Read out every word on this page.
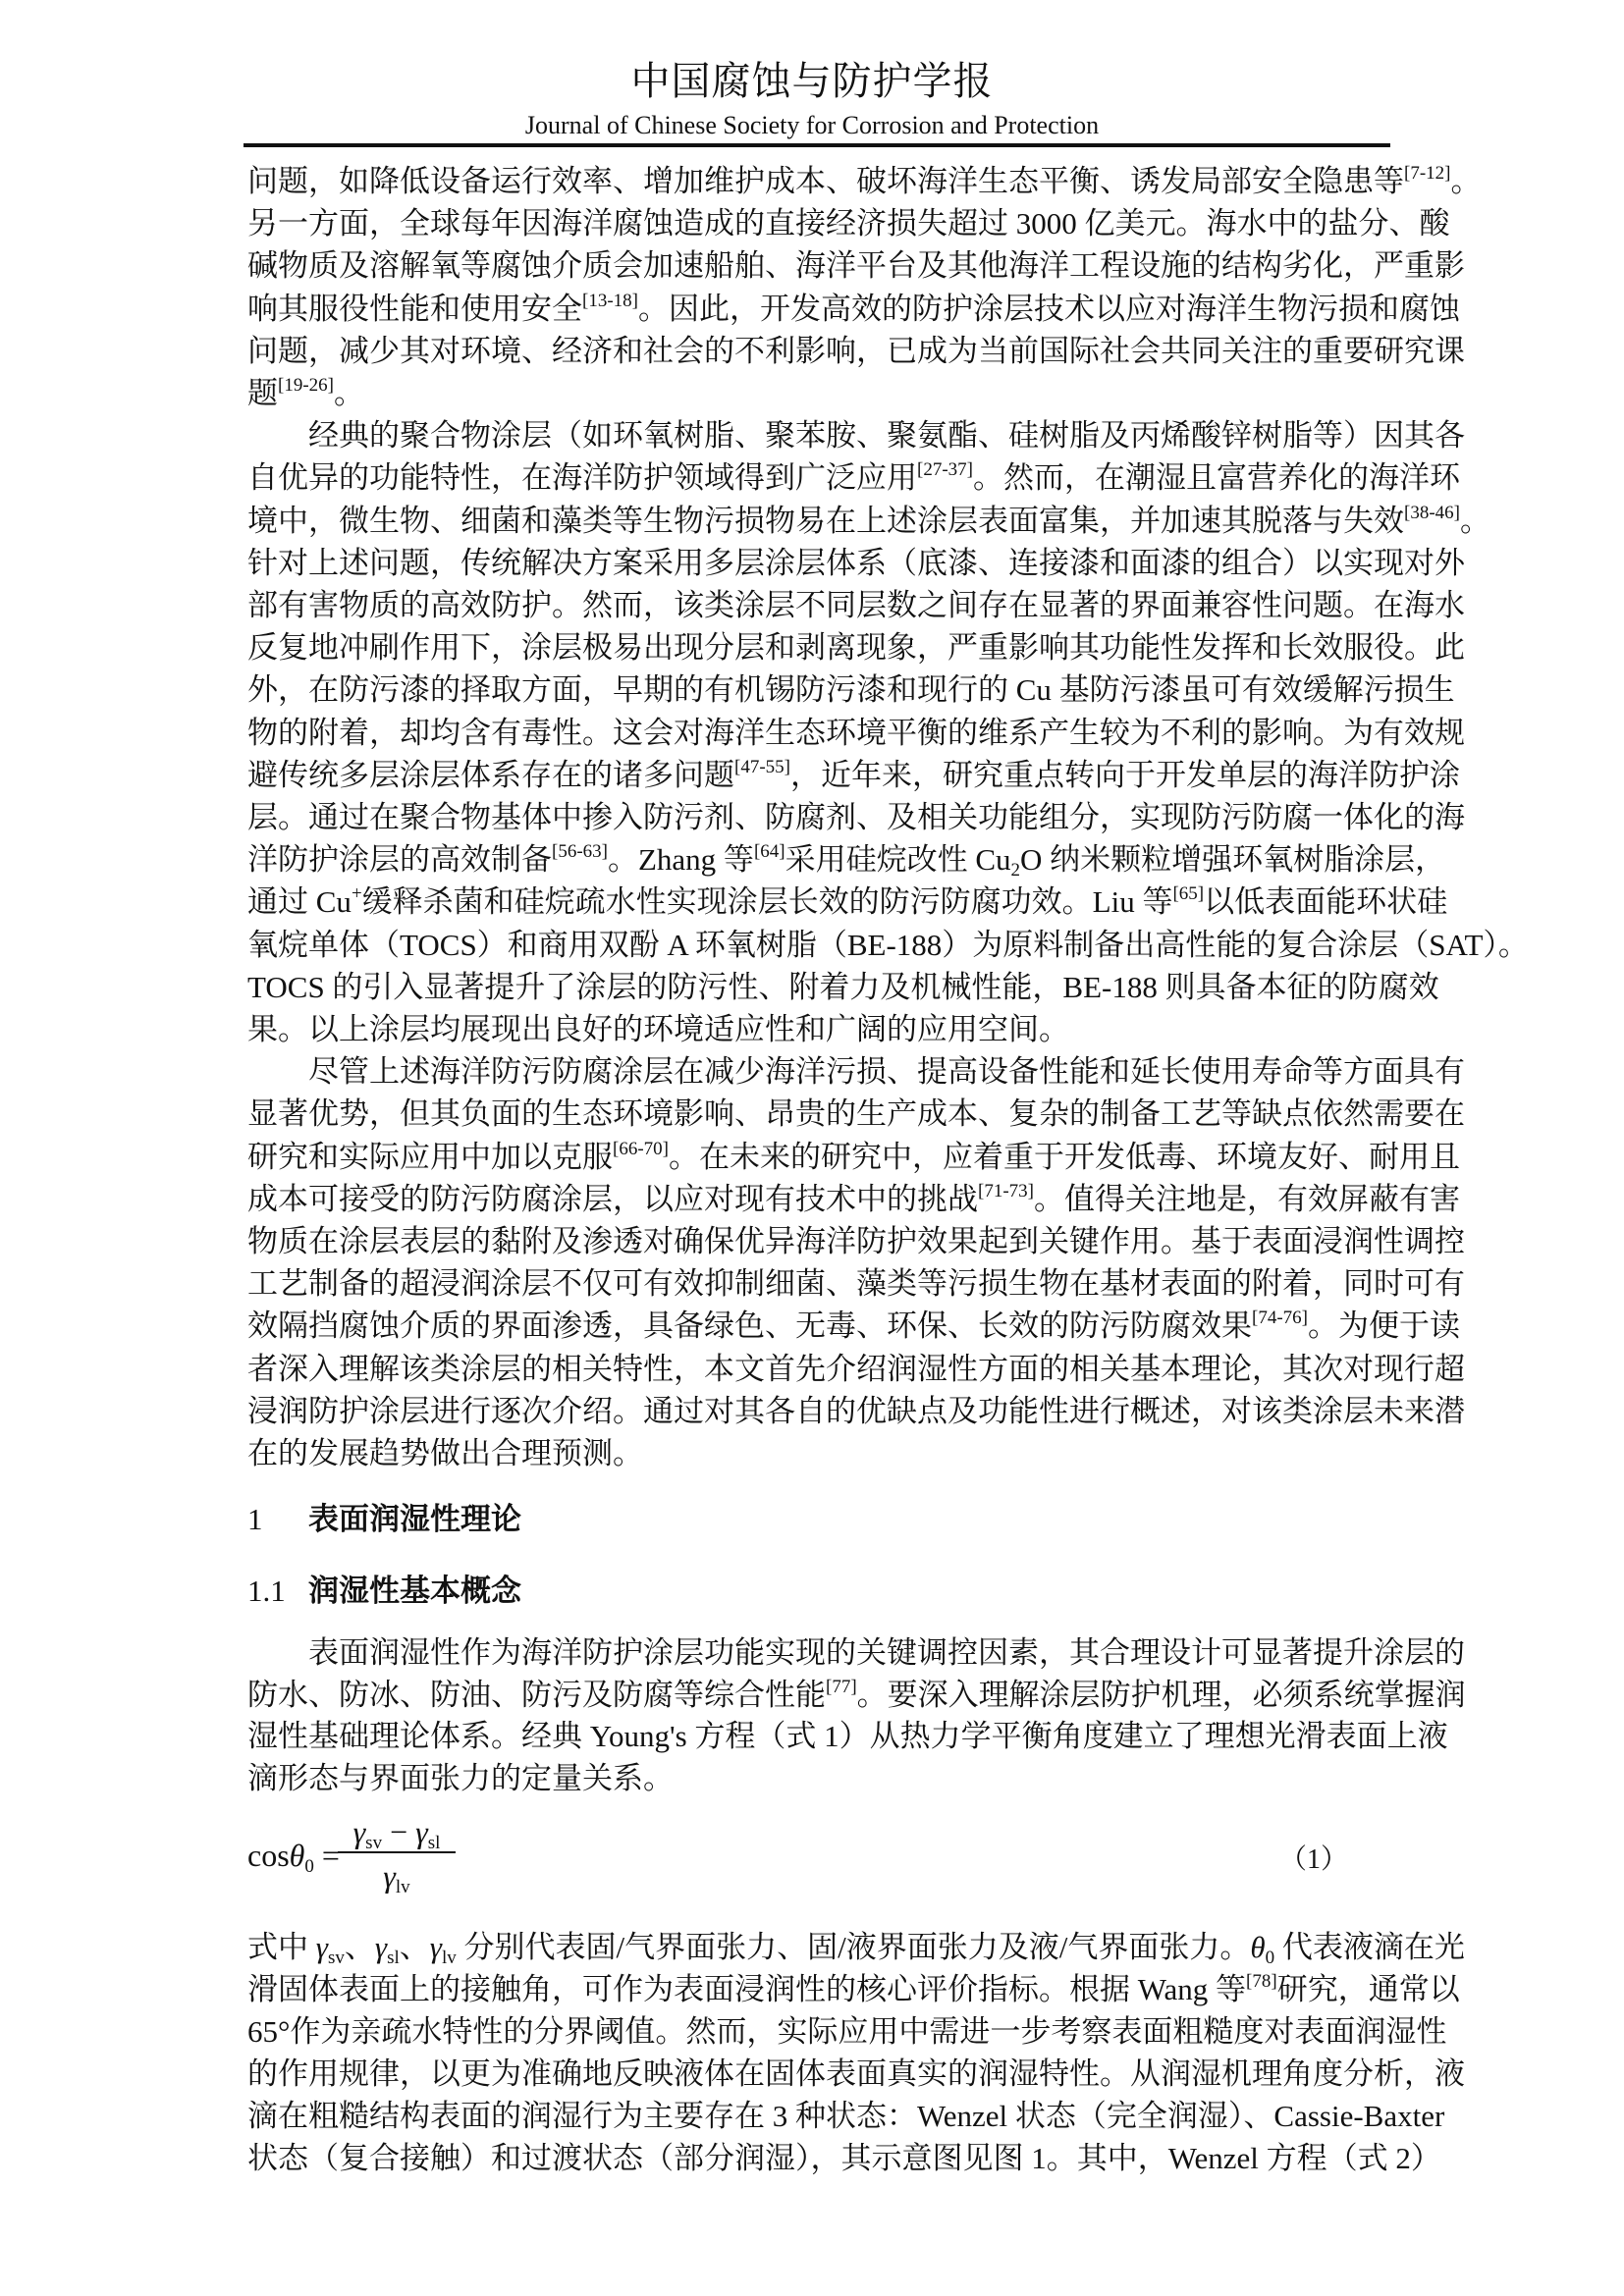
中国腐蚀与防护学报
Journal of Chinese Society for Corrosion and Protection
问题，如降低设备运行效率、增加维护成本、破坏海洋生态平衡、诱发局部安全隐患等[7-12]。
另一方面，全球每年因海洋腐蚀造成的直接经济损失超过 3000 亿美元。海水中的盐分、酸
碱物质及溶解氧等腐蚀介质会加速船舶、海洋平台及其他海洋工程设施的结构劣化，严重影
响其服役性能和使用安全[13-18]。因此，开发高效的防护涂层技术以应对海洋生物污损和腐蚀
问题，减少其对环境、经济和社会的不利影响，已成为当前国际社会共同关注的重要研究课
题[19-26]。
经典的聚合物涂层（如环氧树脂、聚苯胺、聚氨酯、硅树脂及丙烯酸锌树脂等）因其各
自优异的功能特性，在海洋防护领域得到广泛应用[27-37]。然而，在潮湿且富营养化的海洋环
境中，微生物、细菌和藻类等生物污损物易在上述涂层表面富集，并加速其脱落与失效[38-46]。
针对上述问题，传统解决方案采用多层涂层体系（底漆、连接漆和面漆的组合）以实现对外
部有害物质的高效防护。然而，该类涂层不同层数之间存在显著的界面兼容性问题。在海水
反复地冲刷作用下，涂层极易出现分层和剥离现象，严重影响其功能性发挥和长效服役。此
外，在防污漆的择取方面，早期的有机锡防污漆和现行的 Cu 基防污漆虽可有效缓解污损生
物的附着，却均含有毒性。这会对海洋生态环境平衡的维系产生较为不利的影响。为有效规
避传统多层涂层体系存在的诸多问题[47-55]，近年来，研究重点转向于开发单层的海洋防护涂
层。通过在聚合物基体中掺入防污剂、防腐剂、及相关功能组分，实现防污防腐一体化的海
洋防护涂层的高效制备[56-63]。Zhang 等[64]采用硅烷改性 $Cu_2O$ 纳米颗粒增强环氧树脂涂层，
通过 Cu+缓释杀菌和硅烷疏水性实现涂层长效的防污防腐功效。Liu 等[65]以低表面能环状硅
氧烷单体（TOCS）和商用双酚 A 环氧树脂（BE-188）为原料制备出高性能的复合涂层（SAT）。
TOCS 的引入显著提升了涂层的防污性、附着力及机械性能，BE-188 则具备本征的防腐效
果。以上涂层均展现出良好的环境适应性和广阔的应用空间。
尽管上述海洋防污防腐涂层在减少海洋污损、提高设备性能和延长使用寿命等方面具有
显著优势，但其负面的生态环境影响、昂贵的生产成本、复杂的制备工艺等缺点依然需要在
研究和实际应用中加以克服[66-70]。在未来的研究中，应着重于开发低毒、环境友好、耐用且
成本可接受的防污防腐涂层，以应对现有技术中的挑战[71-73]。值得关注地是，有效屏蔽有害
物质在涂层表层的黏附及渗透对确保优异海洋防护效果起到关键作用。基于表面浸润性调控
工艺制备的超浸润涂层不仅可有效抑制细菌、藻类等污损生物在基材表面的附着，同时可有
效隔挡腐蚀介质的界面渗透，具备绿色、无毒、环保、长效的防污防腐效果[74-76]。为便于读
者深入理解该类涂层的相关特性，本文首先介绍润湿性方面的相关基本理论，其次对现行超
浸润防护涂层进行逐次介绍。通过对其各自的优缺点及功能性进行概述，对该类涂层未来潜
在的发展趋势做出合理预测。
1 表面润湿性理论
1.1 润湿性基本概念
表面润湿性作为海洋防护涂层功能实现的关键调控因素，其合理设计可显著提升涂层的
防水、防冰、防油、防污及防腐等综合性能[77]。要深入理解涂层防护机理，必须系统掌握润
湿性基础理论体系。经典 Young's 方程（式 1）从热力学平衡角度建立了理想光滑表面上液
滴形态与界面张力的定量关系。
cosθ$_0$ =
$\gamma_{sv} - \gamma_{sl}$
$\gamma_{lv}$
（1）
式中 $\gamma_{sv}$、$\gamma_{sl}$、$\gamma_{lv}$ 分别代表固/气界面张力、固/液界面张力及液/气界面张力。$\theta_0$ 代表液滴在光
滑固体表面上的接触角，可作为表面浸润性的核心评价指标。根据 Wang 等[78]研究，通常以
65°作为亲疏水特性的分界阈值。然而，实际应用中需进一步考察表面粗糙度对表面润湿性
的作用规律，以更为准确地反映液体在固体表面真实的润湿特性。从润湿机理角度分析，液
滴在粗糙结构表面的润湿行为主要存在 3 种状态：Wenzel 状态（完全润湿）、Cassie-Baxter
状态（复合接触）和过渡状态（部分润湿），其示意图见图 1。其中，Wenzel 方程（式 2）
